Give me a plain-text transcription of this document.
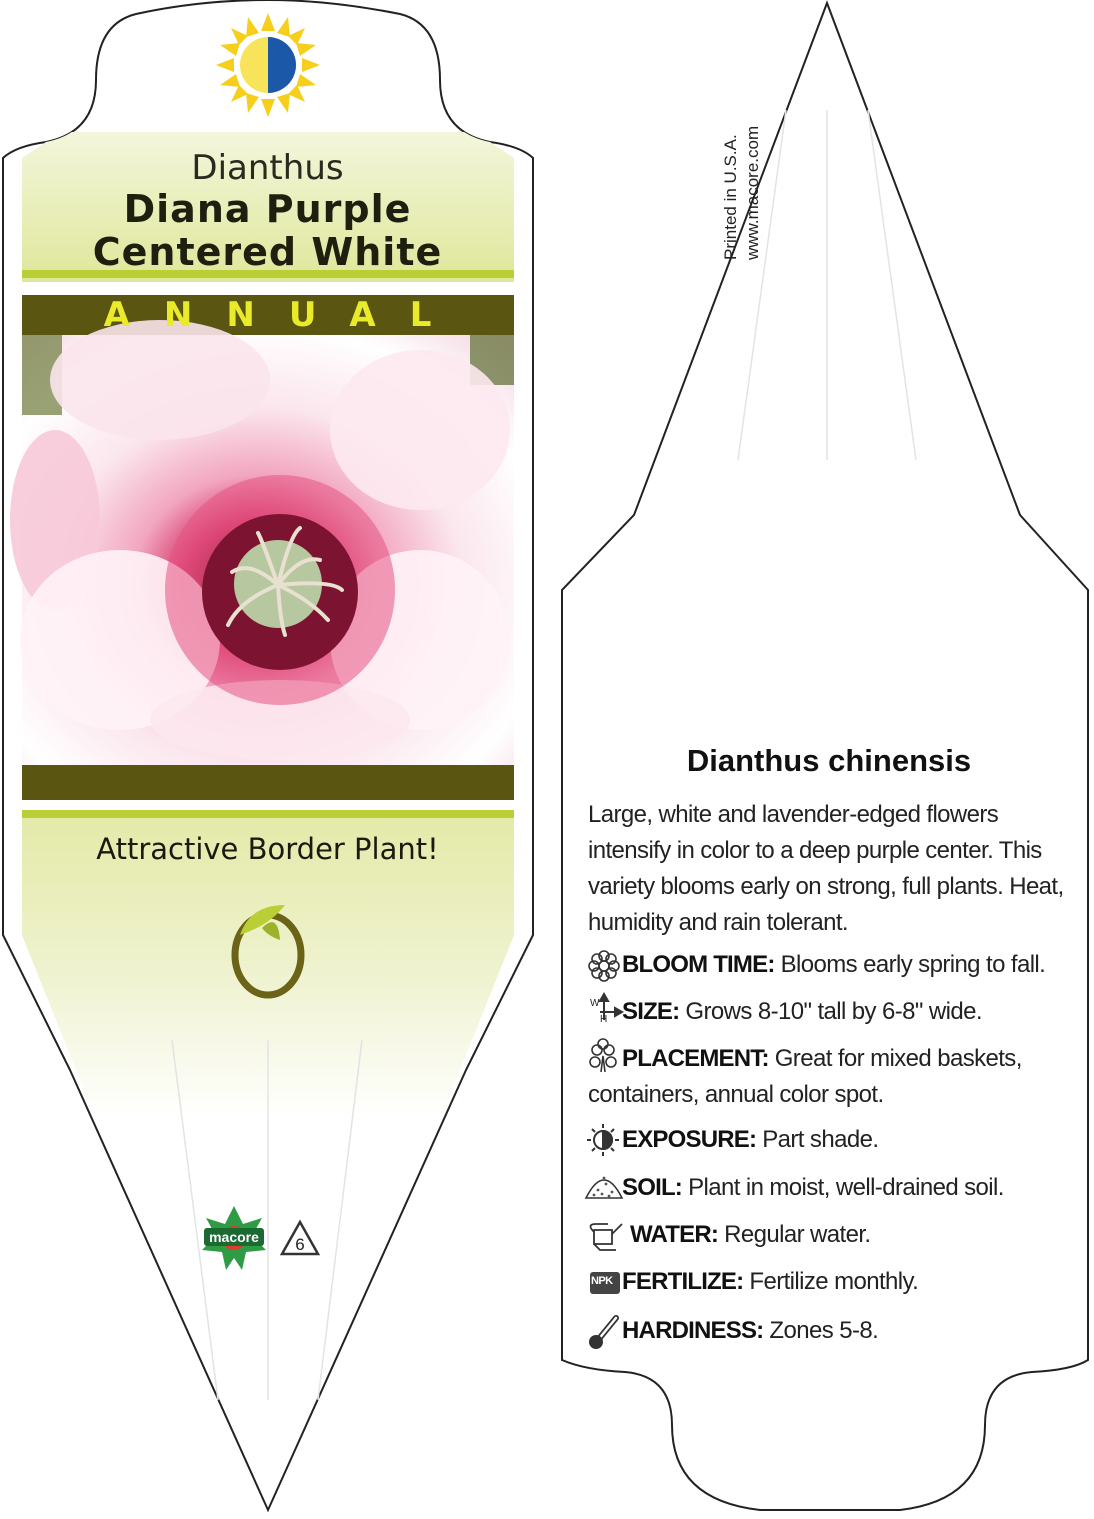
Dianthus
Diana Purple
Centered White
ANNUAL
Attractive Border Plant!
macore	6
Printed in U.S.A. www.macore.com
Dianthus chinensis
Large, white and lavender-edged flowers intensify in color to a deep purple center. This variety blooms early on strong, full plants. Heat, humidity and rain tolerant.
BLOOM TIME: Blooms early spring to fall.
W
H SIZE: Grows 8-10" tall by 6-8" wide.
PLACEMENT: Great for mixed baskets, containers, annual color spot.
EXPOSURE: Part shade.
SOIL: Plant in moist, well-drained soil.
WATER: Regular water.
NPK FERTILIZE: Fertilize monthly.
HARDINESS: Zones 5-8.
